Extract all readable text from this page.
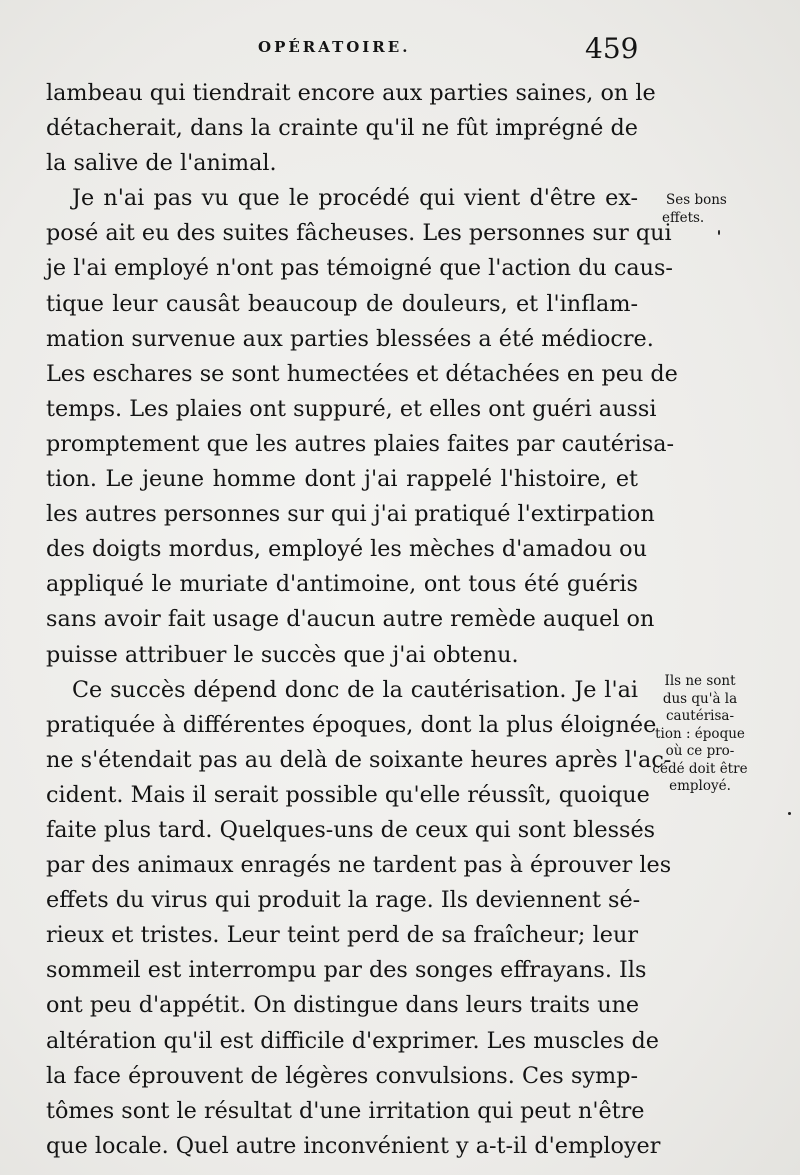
OPÉRATOIRE.	459
lambeau qui tiendrait encore aux parties saines, on le
détacherait, dans la crainte qu'il ne fût imprégné de
la salive de l'animal.
Je n'ai pas vu que le procédé qui vient d'être ex-
posé ait eu des suites fâcheuses. Les personnes sur qui
je l'ai employé n'ont pas témoigné que l'action du caus-
tique leur causât beaucoup de douleurs, et l'inflam-
mation survenue aux parties blessées a été médiocre.
Les eschares se sont humectées et détachées en peu de
temps. Les plaies ont suppuré, et elles ont guéri aussi
promptement que les autres plaies faites par cautérisa-
tion. Le jeune homme dont j'ai rappelé l'histoire, et
les autres personnes sur qui j'ai pratiqué l'extirpation
des doigts mordus, employé les mèches d'amadou ou
appliqué le muriate d'antimoine, ont tous été guéris
sans avoir fait usage d'aucun autre remède auquel on
puisse attribuer le succès que j'ai obtenu.
Ce succès dépend donc de la cautérisation. Je l'ai
pratiquée à différentes époques, dont la plus éloignée
ne s'étendait pas au delà de soixante heures après l'ac-
cident. Mais il serait possible qu'elle réussît, quoique
faite plus tard. Quelques-uns de ceux qui sont blessés
par des animaux enragés ne tardent pas à éprouver les
effets du virus qui produit la rage. Ils deviennent sé-
rieux et tristes. Leur teint perd de sa fraîcheur; leur
sommeil est interrompu par des songes effrayans. Ils
ont peu d'appétit. On distingue dans leurs traits une
altération qu'il est difficile d'exprimer. Les muscles de
la face éprouvent de légères convulsions. Ces symp-
tômes sont le résultat d'une irritation qui peut n'être
que locale. Quel autre inconvénient y a-t-il d'employer
Ses bons
effets.
Ils ne sont
dus qu'à la
cautérisa-
tion : époque
où ce pro-
cédé doit être
employé.
